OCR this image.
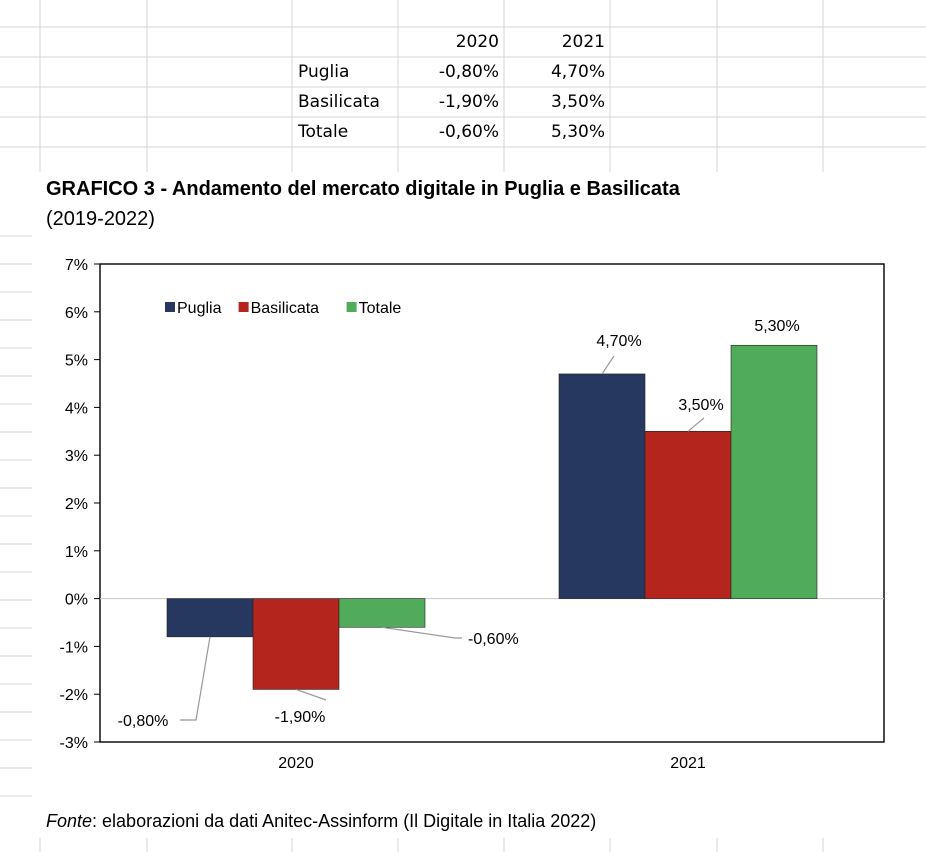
2020	2021
Puglia	-0,80%	4,70%
Basilicata	-1,90%	3,50%
Totale	-0,60%	5,30%
GRAFICO 3 - Andamento del mercato digitale in Puglia e Basilicata
(2019-2022)
-3%
-2%
-1%
0%
1%
2%
3%
4%
5%
6%
7%
2020	2021
-0,80%	-1,90%
-0,60%
4,70%
3,50%
5,30%
Puglia Basilicata Totale
Fonte: elaborazioni da dati Anitec-Assinform (Il Digitale in Italia 2022)
